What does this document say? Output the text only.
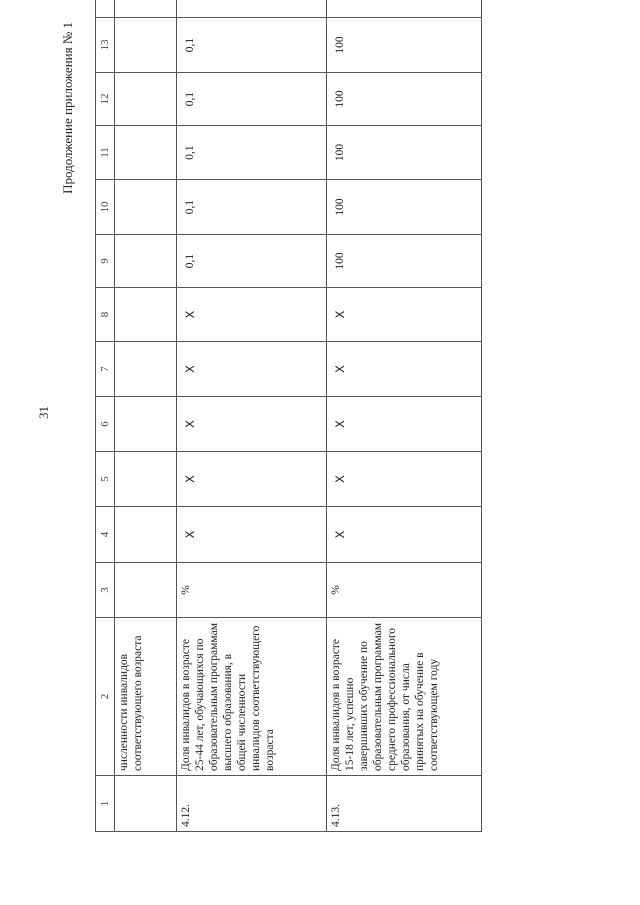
31
Продолжение приложения № 1
1	2	3	4	5	6	7	8	9	10	11	12	13	
	численности инвалидов соответствующего возраста												
4.12.	Доля инвалидов в возрасте 25-44 лет, обучающихся по образовательным программам высшего образования, в общей численности инвалидов соответствующего возраста	%	X	X	X	X	X	0,1	0,1	0,1	0,1	0,1	
4.13.	Доля инвалидов в возрасте 15-18 лет, успешно завершивших обучение по образовательным программам среднего профессионального образования, от числа принятых на обучение в соответствующем году	%	X	X	X	X	X	100	100	100	100	100	
